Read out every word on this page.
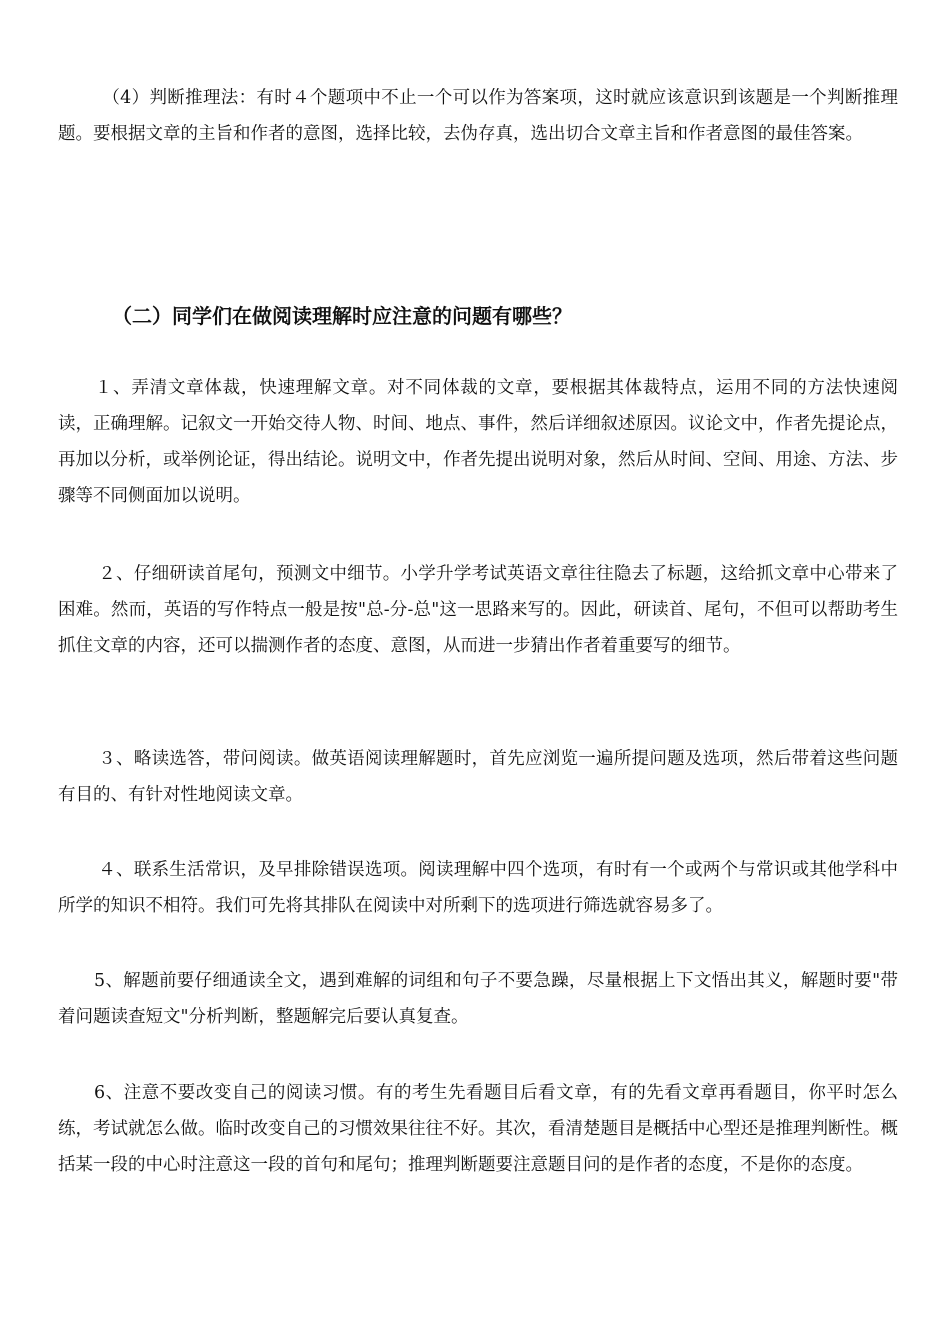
（4）判断推理法：有时４个题项中不止一个可以作为答案项，这时就应该意识到该题是一个判断推理题。要根据文章的主旨和作者的意图，选择比较，去伪存真，选出切合文章主旨和作者意图的最佳答案。

（二）同学们在做阅读理解时应注意的问题有哪些？

１、弄清文章体裁，快速理解文章。对不同体裁的文章，要根据其体裁特点，运用不同的方法快速阅读，正确理解。记叙文一开始交待人物、时间、地点、事件，然后详细叙述原因。议论文中，作者先提论点，再加以分析，或举例论证，得出结论。说明文中，作者先提出说明对象，然后从时间、空间、用途、方法、步骤等不同侧面加以说明。

２、仔细研读首尾句，预测文中细节。小学升学考试英语文章往往隐去了标题，这给抓文章中心带来了困难。然而，英语的写作特点一般是按"总-分-总"这一思路来写的。因此，研读首、尾句，不但可以帮助考生抓住文章的内容，还可以揣测作者的态度、意图，从而进一步猜出作者着重要写的细节。

３、略读选答，带问阅读。做英语阅读理解题时，首先应浏览一遍所提问题及选项，然后带着这些问题有目的、有针对性地阅读文章。

４、联系生活常识，及早排除错误选项。阅读理解中四个选项，有时有一个或两个与常识或其他学科中所学的知识不相符。我们可先将其排队在阅读中对所剩下的选项进行筛选就容易多了。

5、解题前要仔细通读全文，遇到难解的词组和句子不要急躁，尽量根据上下文悟出其义，解题时要"带着问题读查短文"分析判断，整题解完后要认真复查。

6、注意不要改变自己的阅读习惯。有的考生先看题目后看文章，有的先看文章再看题目，你平时怎么练，考试就怎么做。临时改变自己的习惯效果往往不好。其次，看清楚题目是概括中心型还是推理判断性。概括某一段的中心时注意这一段的首句和尾句；推理判断题要注意题目问的是作者的态度，不是你的态度。
